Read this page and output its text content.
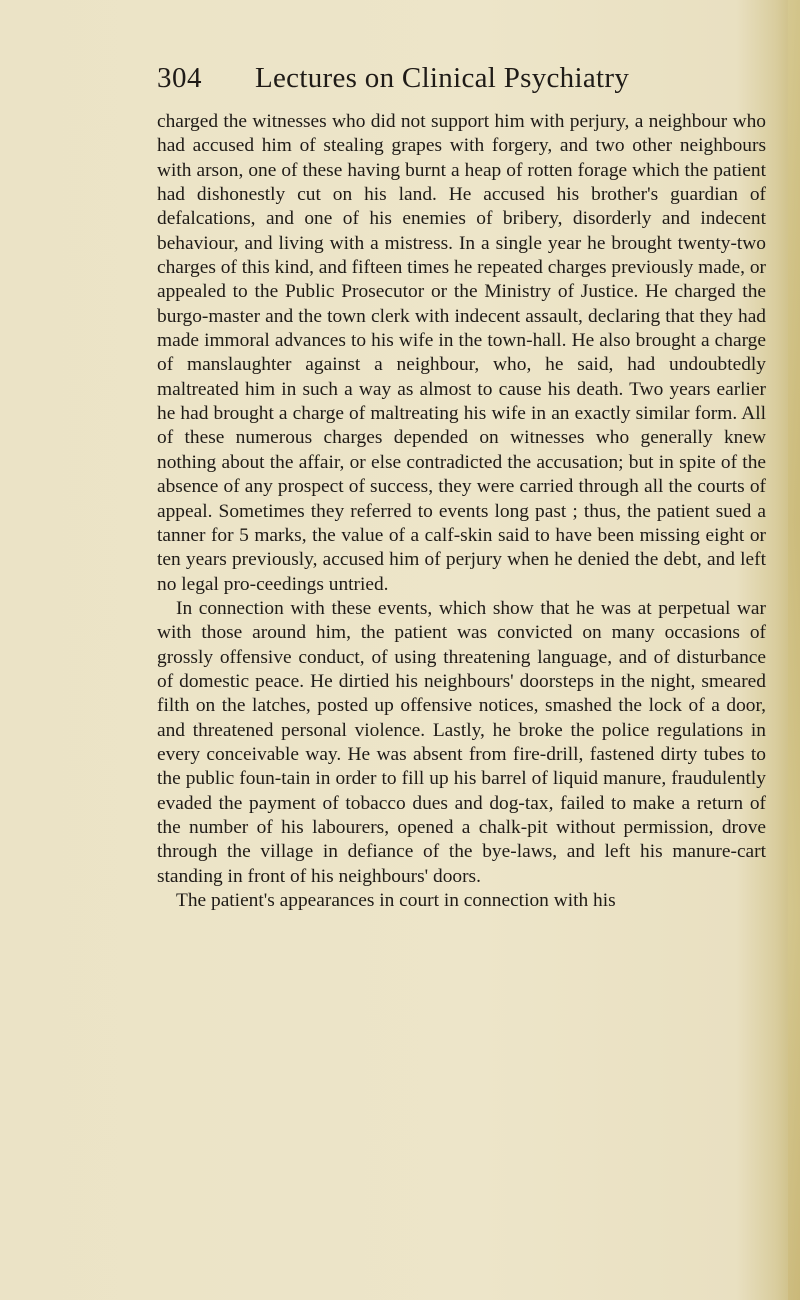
304 Lectures on Clinical Psychiatry

charged the witnesses who did not support him with perjury, a neighbour who had accused him of stealing grapes with forgery, and two other neighbours with arson, one of these having burnt a heap of rotten forage which the patient had dishonestly cut on his land. He accused his brother's guardian of defalcations, and one of his enemies of bribery, disorderly and indecent behaviour, and living with a mistress. In a single year he brought twenty-two charges of this kind, and fifteen times he repeated charges previously made, or appealed to the Public Prosecutor or the Ministry of Justice. He charged the burgo-master and the town clerk with indecent assault, declaring that they had made immoral advances to his wife in the town-hall. He also brought a charge of manslaughter against a neighbour, who, he said, had undoubtedly maltreated him in such a way as almost to cause his death. Two years earlier he had brought a charge of maltreating his wife in an exactly similar form. All of these numerous charges depended on witnesses who generally knew nothing about the affair, or else contradicted the accusation; but in spite of the absence of any prospect of success, they were carried through all the courts of appeal. Sometimes they referred to events long past ; thus, the patient sued a tanner for 5 marks, the value of a calf-skin said to have been missing eight or ten years previously, accused him of perjury when he denied the debt, and left no legal pro-ceedings untried.

In connection with these events, which show that he was at perpetual war with those around him, the patient was convicted on many occasions of grossly offensive conduct, of using threatening language, and of disturbance of domestic peace. He dirtied his neighbours' doorsteps in the night, smeared filth on the latches, posted up offensive notices, smashed the lock of a door, and threatened personal violence. Lastly, he broke the police regulations in every conceivable way. He was absent from fire-drill, fastened dirty tubes to the public foun-tain in order to fill up his barrel of liquid manure, fraudulently evaded the payment of tobacco dues and dog-tax, failed to make a return of the number of his labourers, opened a chalk-pit without permission, drove through the village in defiance of the bye-laws, and left his manure-cart standing in front of his neighbours' doors.

The patient's appearances in court in connection with his
